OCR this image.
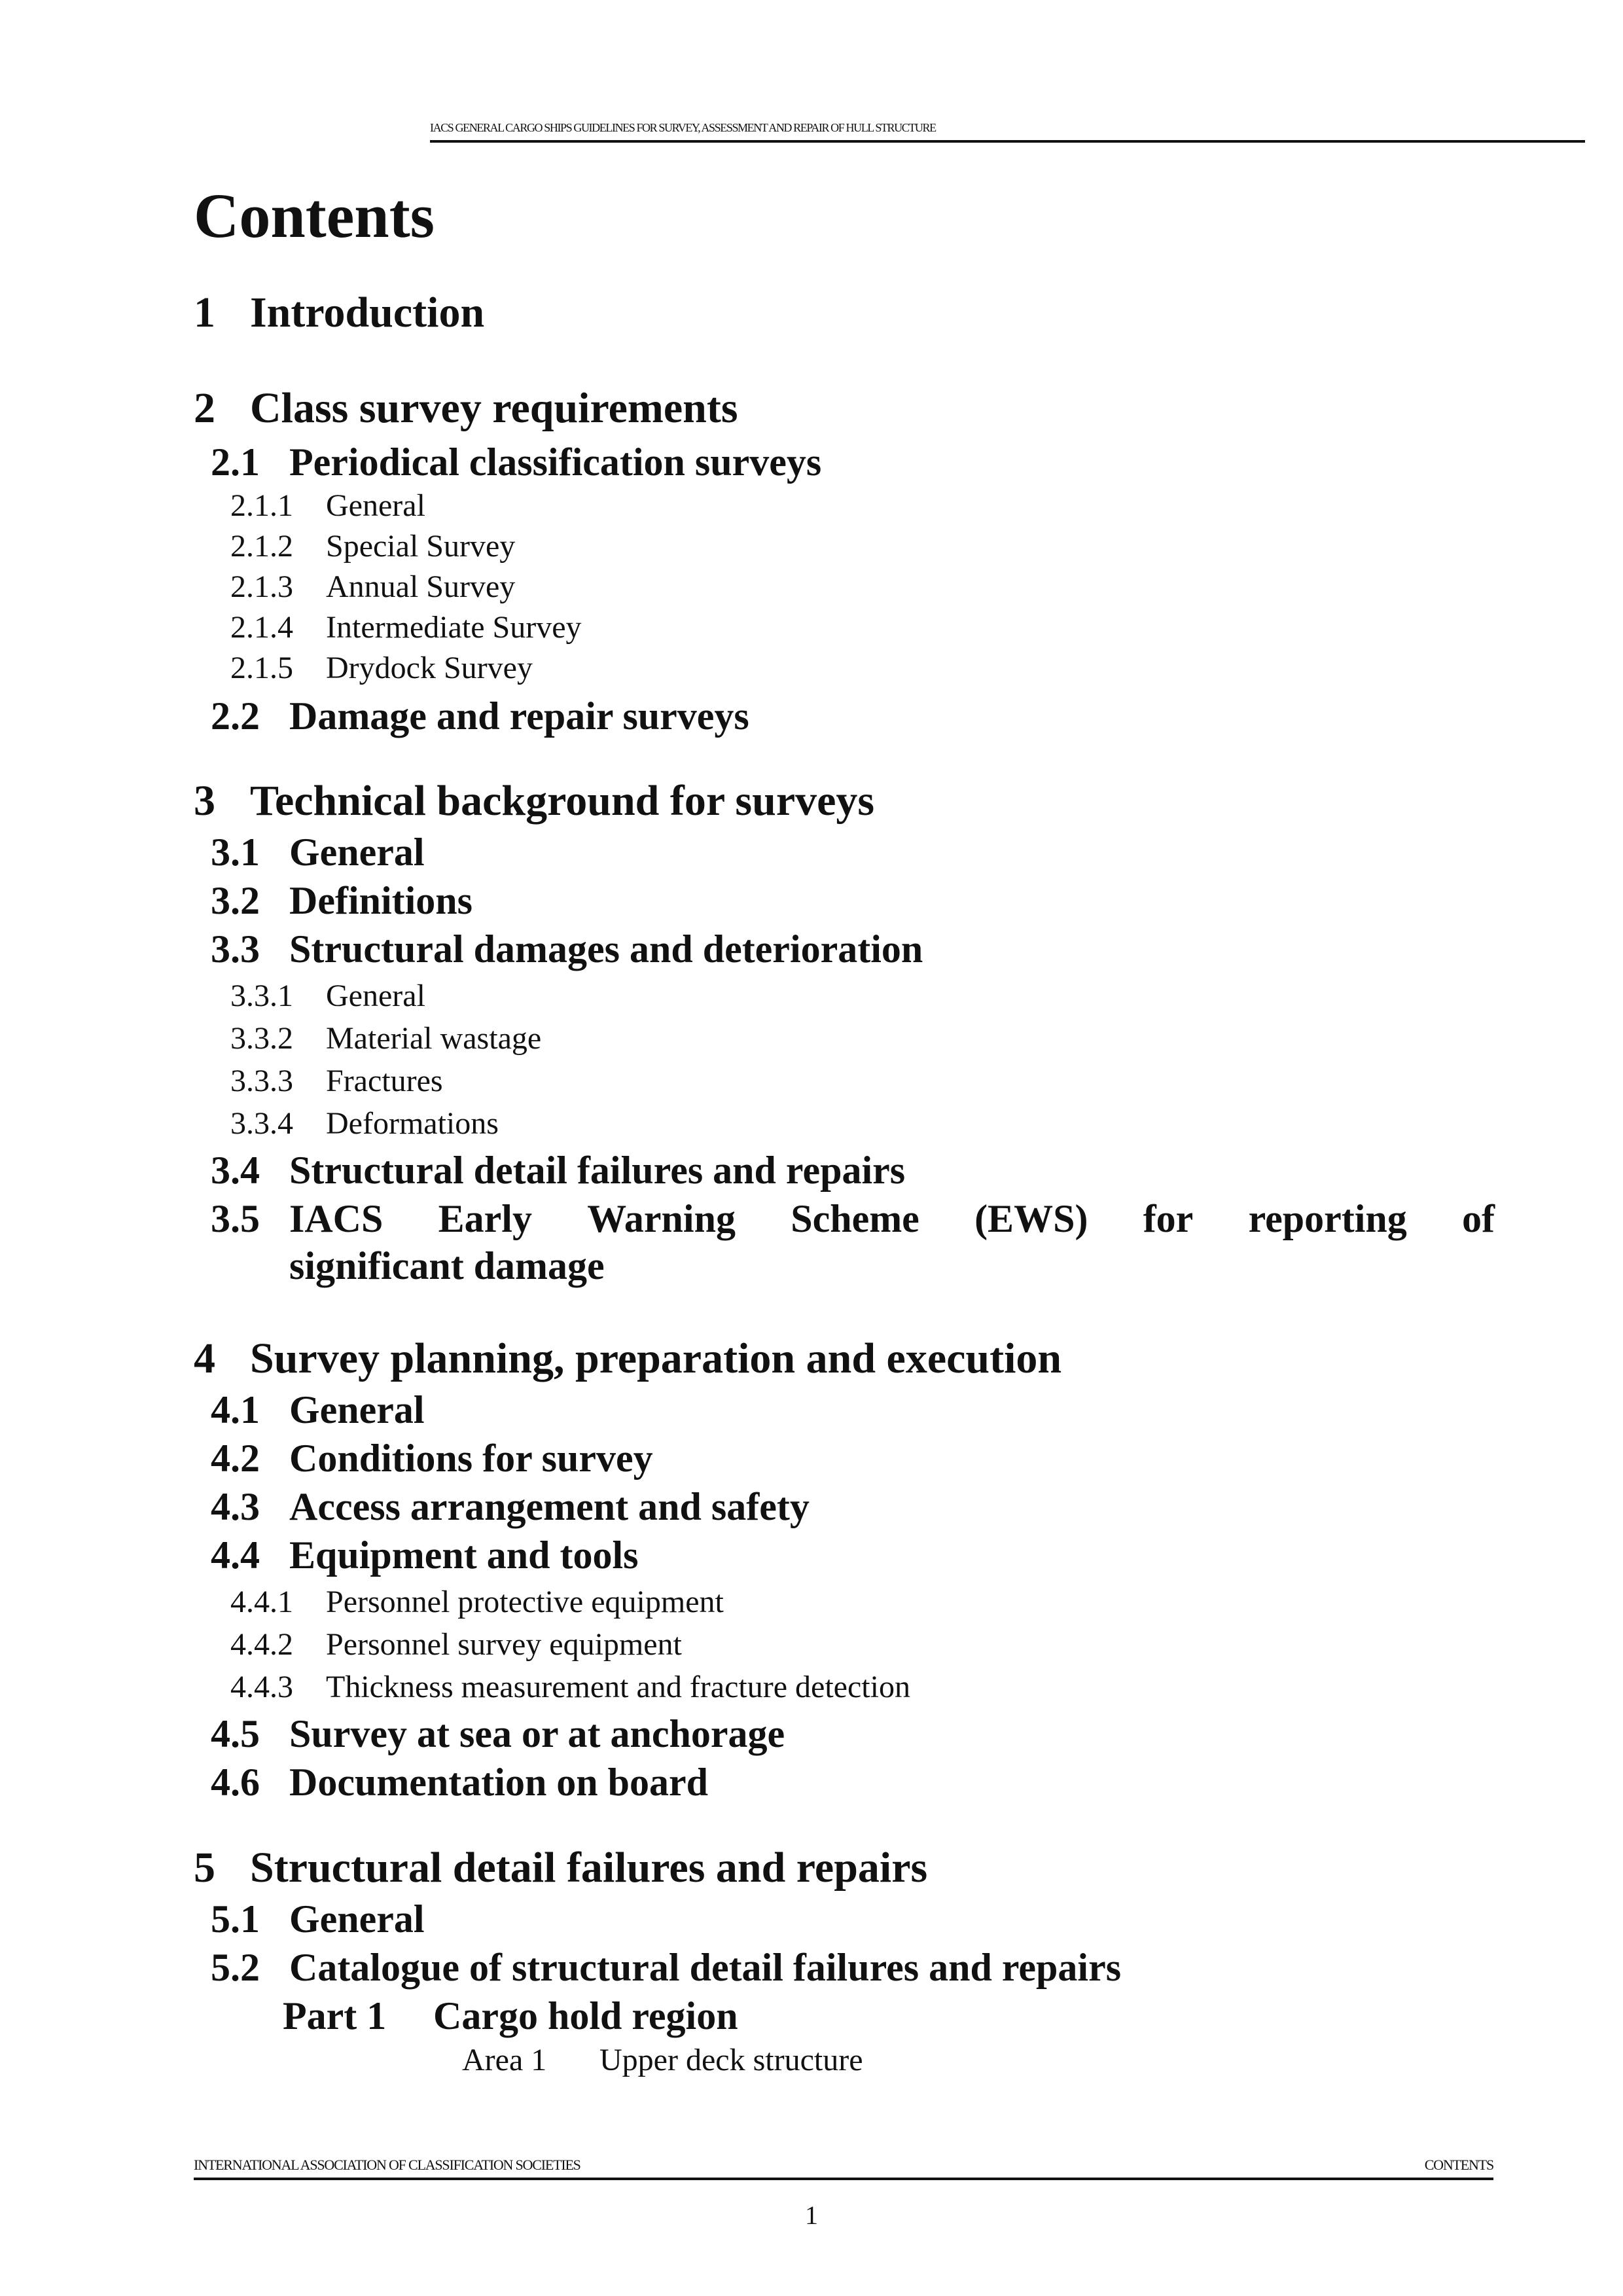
IACS GENERAL CARGO SHIPS GUIDELINES FOR SURVEY, ASSESSMENT AND REPAIR OF HULL STRUCTURE
Contents
1 Introduction
2 Class survey requirements
2.1 Periodical classification surveys
2.1.1 General
2.1.2 Special Survey
2.1.3 Annual Survey
2.1.4 Intermediate Survey
2.1.5 Drydock Survey
2.2 Damage and repair surveys
3 Technical background for surveys
3.1 General
3.2 Definitions
3.3 Structural damages and deterioration
3.3.1 General
3.3.2 Material wastage
3.3.3 Fractures
3.3.4 Deformations
3.4 Structural detail failures and repairs
3.5 IACS Early Warning Scheme (EWS) for reporting of
significant damage
4 Survey planning, preparation and execution
4.1 General
4.2 Conditions for survey
4.3 Access arrangement and safety
4.4 Equipment and tools
4.4.1 Personnel protective equipment
4.4.2 Personnel survey equipment
4.4.3 Thickness measurement and fracture detection
4.5 Survey at sea or at anchorage
4.6 Documentation on board
5 Structural detail failures and repairs
5.1 General
5.2 Catalogue of structural detail failures and repairs
Part 1 Cargo hold region
Area 1 Upper deck structure
INTERNATIONAL ASSOCIATION OF CLASSIFICATION SOCIETIES	CONTENTS
1
